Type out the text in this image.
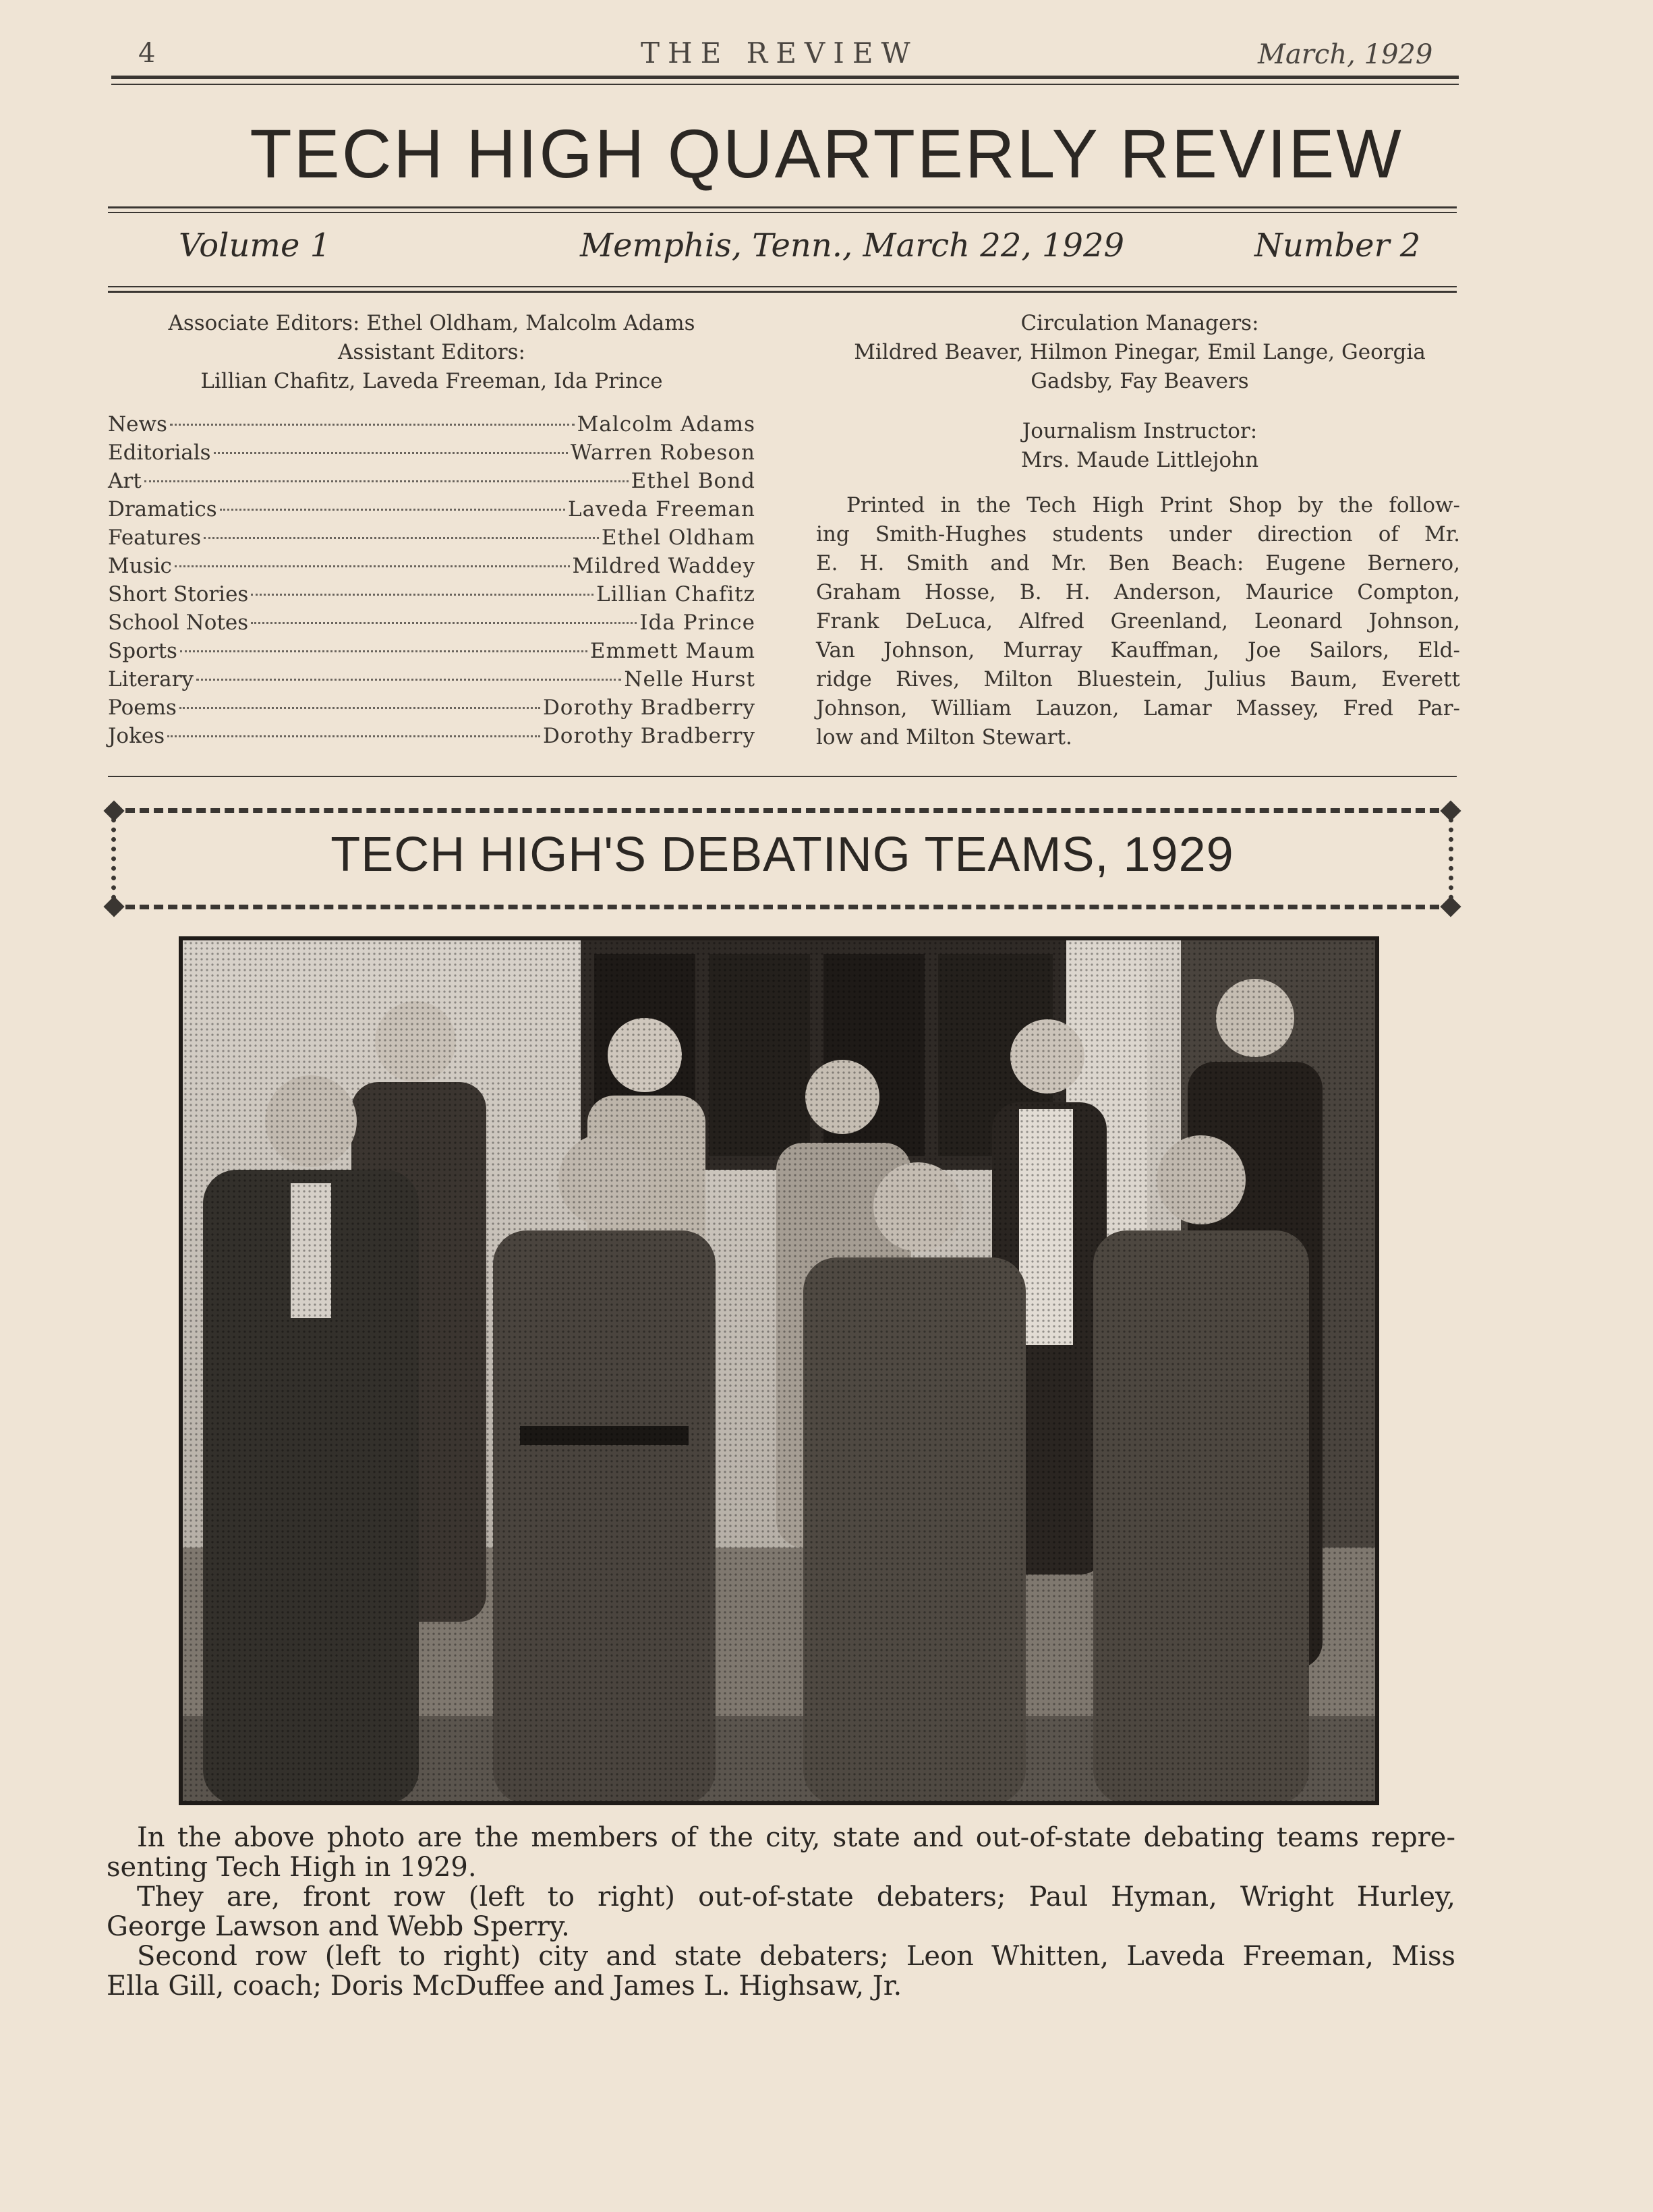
4	THE REVIEW	March, 1929
TECH HIGH QUARTERLY REVIEW
Volume 1	Memphis, Tenn., March 22, 1929	Number 2
Associate Editors: Ethel Oldham, Malcolm Adams
Assistant Editors:
Lillian Chafitz, Laveda Freeman, Ida Prince
News	Malcolm Adams
Editorials	Warren Robeson
Art	Ethel Bond
Dramatics	Laveda Freeman
Features	Ethel Oldham
Music	Mildred Waddey
Short Stories	Lillian Chafitz
School Notes	Ida Prince
Sports	Emmett Maum
Literary	Nelle Hurst
Poems	Dorothy Bradberry
Jokes	Dorothy Bradberry
Circulation Managers:
Mildred Beaver, Hilmon Pinegar, Emil Lange, Georgia
Gadsby, Fay Beavers
Journalism Instructor:
Mrs. Maude Littlejohn
Printed in the Tech High Print Shop by the follow-
ing Smith-Hughes students under direction of Mr.
E. H. Smith and Mr. Ben Beach: Eugene Bernero,
Graham Hosse, B. H. Anderson, Maurice Compton,
Frank DeLuca, Alfred Greenland, Leonard Johnson,
Van Johnson, Murray Kauffman, Joe Sailors, Eld-
ridge Rives, Milton Bluestein, Julius Baum, Everett
Johnson, William Lauzon, Lamar Massey, Fred Par-
low and Milton Stewart.
TECH HIGH'S DEBATING TEAMS, 1929

In the above photo are the members of the city, state and out-of-state debating teams repre-

senting Tech High in 1929.

They are, front row (left to right) out-of-state debaters; Paul Hyman, Wright Hurley,

George Lawson and Webb Sperry.

Second row (left to right) city and state debaters; Leon Whitten, Laveda Freeman, Miss

Ella Gill, coach; Doris McDuffee and James L. Highsaw, Jr.
